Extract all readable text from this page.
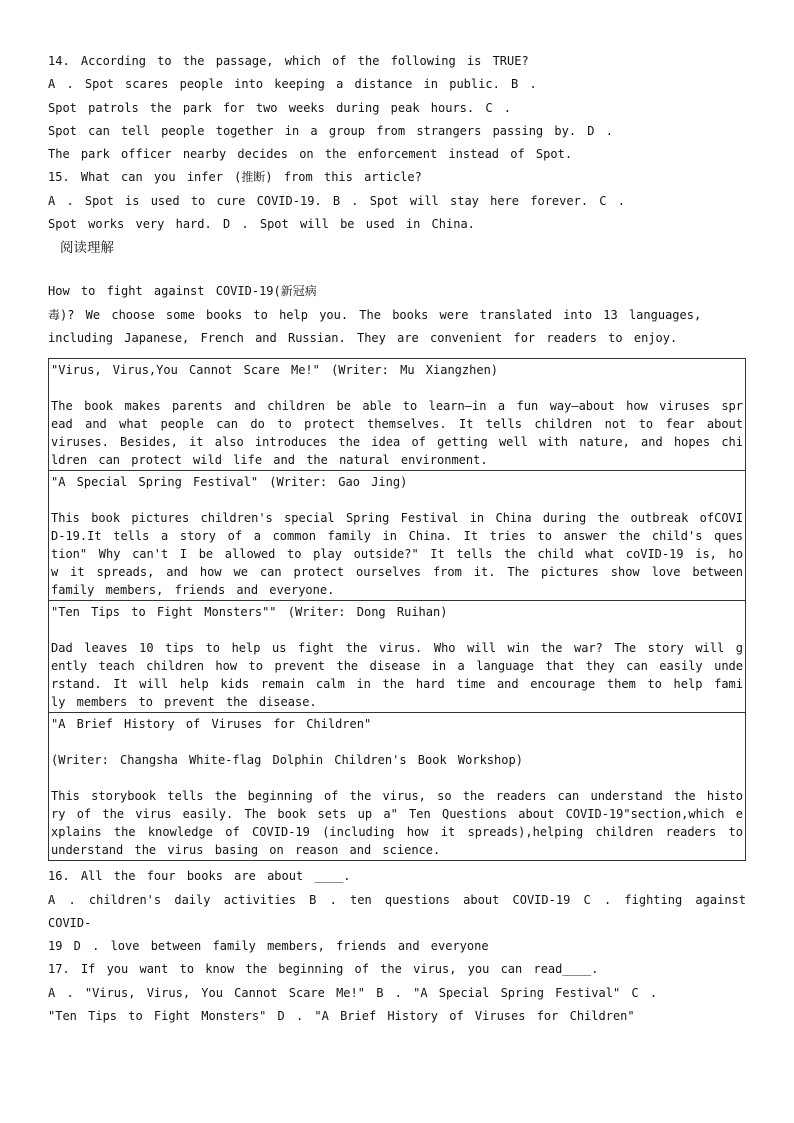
14. According to the passage, which of the following is TRUE?
A . Spot scares people into keeping a distance in public. B .
Spot patrols the park for two weeks during peak hours. C .
Spot can tell people together in a group from strangers passing by. D .
The park officer nearby decides on the enforcement instead of Spot.
15. What can you infer (推断) from this article?
A . Spot is used to cure COVID-19. B . Spot will stay here forever. C .
Spot works very hard. D . Spot will be used in China.
阅读理解
How to fight against COVID-19(新冠病
毒)? We choose some books to help you. The books were translated into 13 languages,
including Japanese, French and Russian. They are convenient for readers to enjoy.
"Virus, Virus,You Cannot Scare Me!" (Writer: Mu Xiangzhen)
The book makes parents and children be able to learn—in a fun way—about how viruses spread and what people can do to protect themselves. It tells children not to fear about viruses. Besides, it also introduces the idea of getting well with nature, and hopes children can protect wild life and the natural environment.

"A Special Spring Festival" (Writer: Gao Jing)
This book pictures children's special Spring Festival in China during the outbreak ofCOVID-19.It tells a story of a common family in China. It tries to answer the child's question" Why can't I be allowed to play outside?" It tells the child what coVID-19 is, how it spreads, and how we can protect ourselves from it. The pictures show love between family members, friends and everyone.

"Ten Tips to Fight Monsters"" (Writer: Dong Ruihan)
Dad leaves 10 tips to help us fight the virus. Who will win the war? The story will gently teach children how to prevent the disease in a language that they can easily understand. It will help kids remain calm in the hard time and encourage them to help family members to prevent the disease.

"A Brief History of Viruses for Children"
(Writer: Changsha White-flag Dolphin Children's Book Workshop)
This storybook tells the beginning of the virus, so the readers can understand the history of the virus easily. The book sets up a" Ten Questions about COVID-19"section,which explains the knowledge of COVID-19 (including how it spreads),helping children readers to understand the virus basing on reason and science.
16. All the four books are about ____.
A . children's daily activities B . ten questions about COVID-19 C . fighting against COVID-
19 D . love between family members, friends and everyone
17. If you want to know the beginning of the virus, you can read____.
A . "Virus, Virus, You Cannot Scare Me!" B . "A Special Spring Festival" C .
"Ten Tips to Fight Monsters" D . "A Brief History of Viruses for Children"
